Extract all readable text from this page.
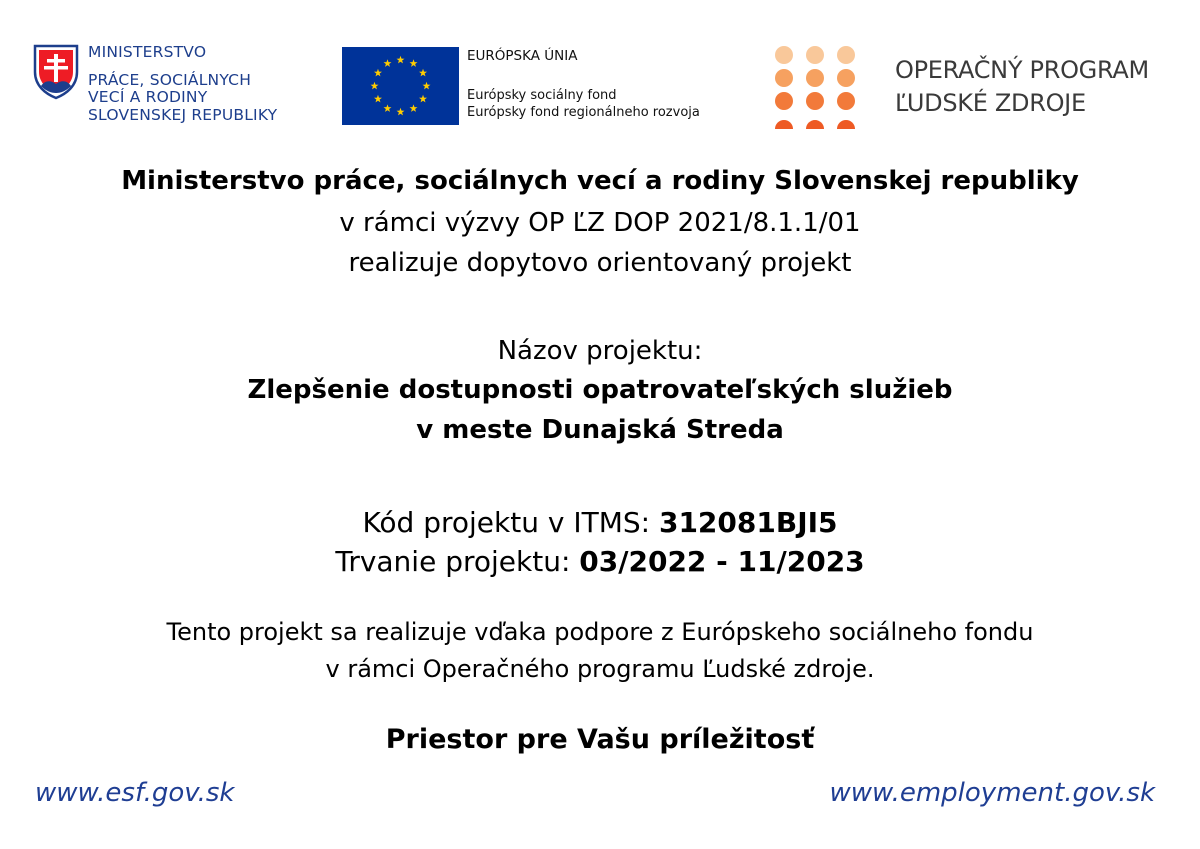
MINISTERSTVO
PRÁCE, SOCIÁLNYCH
VECÍ A RODINY
SLOVENSKEJ REPUBLIKY
EURÓPSKA ÚNIA
Európsky sociálny fond
Európsky fond regionálneho rozvoja
OPERAČNÝ PROGRAM
ĽUDSKÉ ZDROJE
Ministerstvo práce, sociálnych vecí a rodiny Slovenskej republiky
v rámci výzvy OP ĽZ DOP 2021/8.1.1/01
realizuje dopytovo orientovaný projekt
Názov projektu:
Zlepšenie dostupnosti opatrovateľských služieb
v meste Dunajská Streda
Kód projektu v ITMS: 312081BJI5
Trvanie projektu: 03/2022 - 11/2023
Tento projekt sa realizuje vďaka podpore z Európskeho sociálneho fondu
v rámci Operačného programu Ľudské zdroje.
Priestor pre Vašu príležitosť
www.esf.gov.sk	www.employment.gov.sk
